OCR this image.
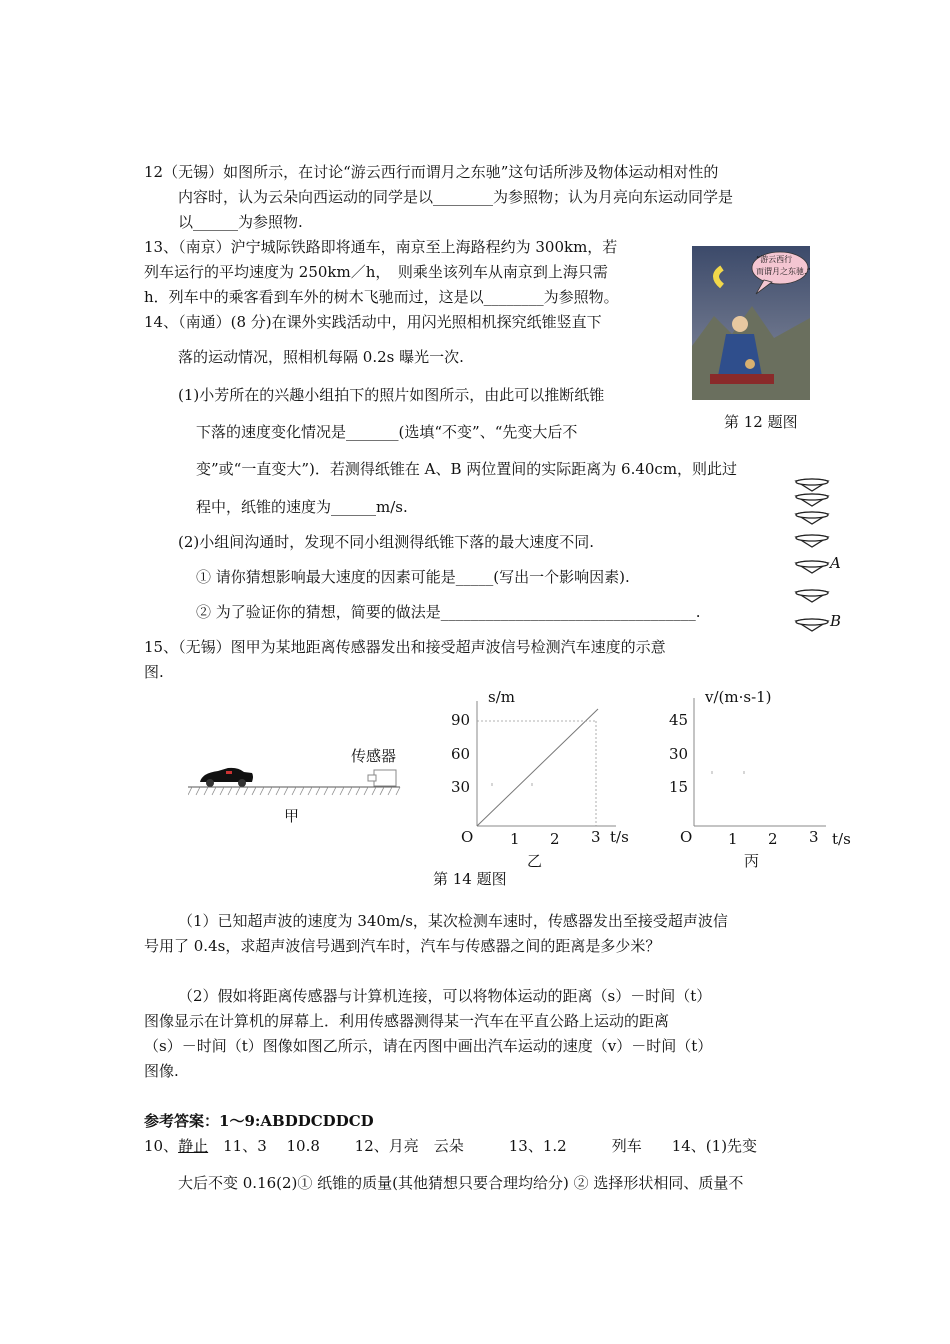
12（无锡）如图所示，在讨论“游云西行而谓月之东驰”这句话所涉及物体运动相对性的
内容时，认为云朵向西运动的同学是以________为参照物；认为月亮向东运动同学是
以______为参照物.
13、（南京）沪宁城际铁路即将通车，南京至上海路程约为 300km，若
列车运行的平均速度为 250km／h，　则乘坐该列车从南京到上海只需
h．列车中的乘客看到车外的树木飞驰而过，这是以________为参照物。
“游云西行
而谓月之东驰.”
第 12 题图
14、（南通）(8 分)在课外实践活动中，用闪光照相机探究纸锥竖直下
落的运动情况，照相机每隔 0.2s 曝光一次.
(1)小芳所在的兴趣小组拍下的照片如图所示，由此可以推断纸锥
下落的速度变化情况是_______(选填“不变”、“先变大后不
变”或“一直变大”)．若测得纸锥在 A、B 两位置间的实际距离为 6.40cm，则此过
程中，纸锥的速度为______m/s.
(2)小组间沟通时，发现不同小组测得纸锥下落的最大速度不同.
① 请你猜想影响最大速度的因素可能是_____(写出一个影响因素).
② 为了验证你的猜想，简要的做法是__________________________________.
A
B
15、（无锡）图甲为某地距离传感器发出和接受超声波信号检测汽车速度的示意
图.
传感器
甲
s/m
90
60
30
O 1 2 3 t/s
乙
v/(m·s-1)
45
30
15
O 1 2 3 t/s
丙
第 14 题图
（1）已知超声波的速度为 340m/s，某次检测车速时，传感器发出至接受超声波信
号用了 0.4s，求超声波信号遇到汽车时，汽车与传感器之间的距离是多少米？
（2）假如将距离传感器与计算机连接，可以将物体运动的距离（s）－时间（t）
图像显示在计算机的屏幕上．利用传感器测得某一汽车在平直公路上运动的距离
（s）－时间（t）图像如图乙所示，请在丙图中画出汽车运动的速度（v）－时间（t）
图像.
参考答案：1～9:ABDDCDDCD
10、静止　11、3　 10.8　　 12、月亮　云朵　　　13、1.2　　　列车　　14、(1)先变
大后不变 0.16(2)① 纸锥的质量(其他猜想只要合理均给分) ② 选择形状相同、质量不
